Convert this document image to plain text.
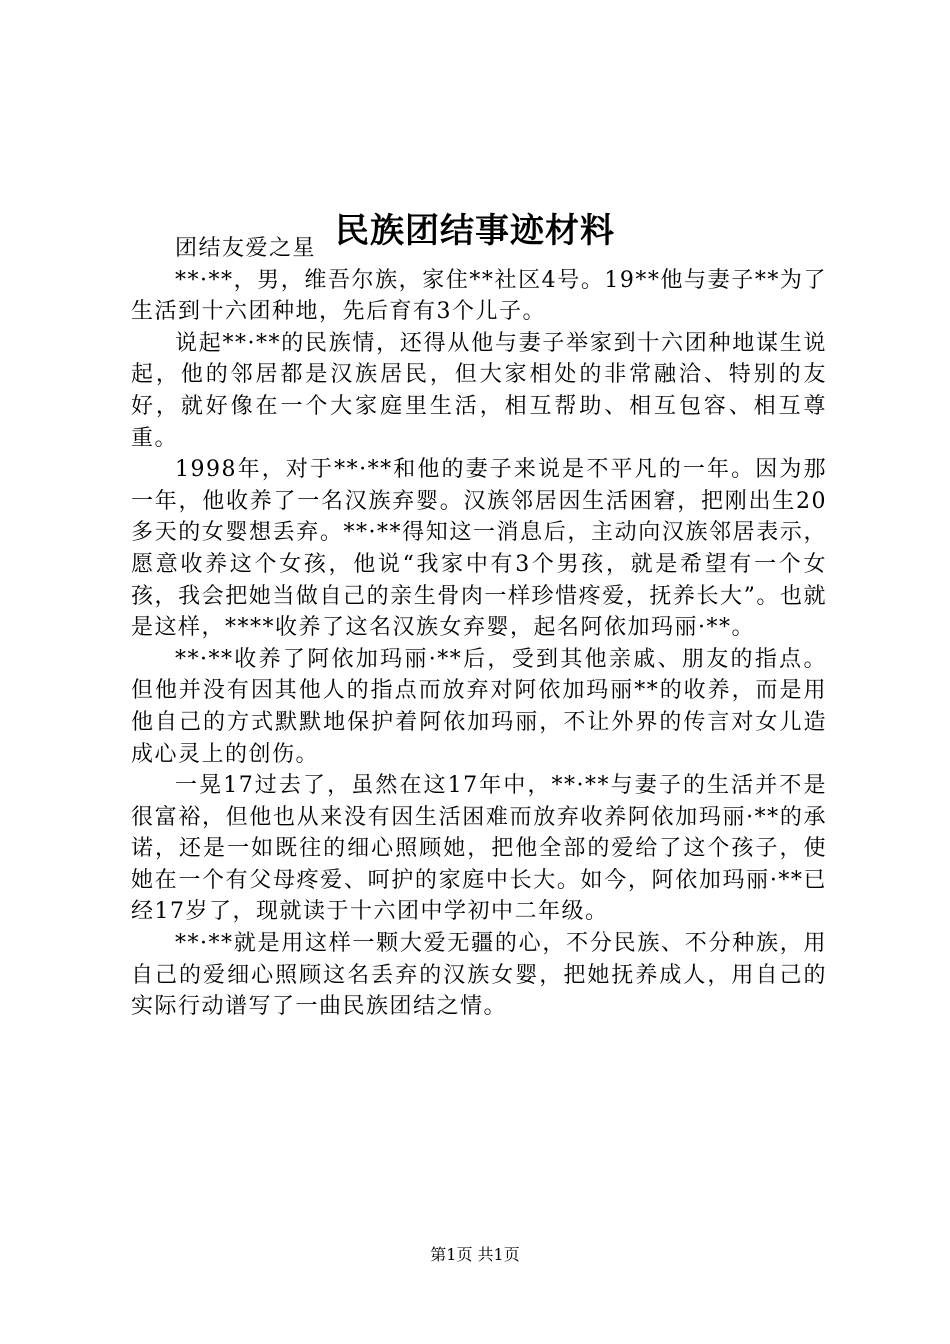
民族团结事迹材料

团结友爱之星

**·**，男，维吾尔族，家住**社区4号。19**他与妻子**为了生活到十六团种地，先后育有3个儿子。

说起**·**的民族情，还得从他与妻子举家到十六团种地谋生说起，他的邻居都是汉族居民，但大家相处的非常融洽、特别的友好，就好像在一个大家庭里生活，相互帮助、相互包容、相互尊重。

1998年，对于**·**和他的妻子来说是不平凡的一年。因为那一年，他收养了一名汉族弃婴。汉族邻居因生活困窘，把刚出生20多天的女婴想丢弃。**·**得知这一消息后，主动向汉族邻居表示，愿意收养这个女孩，他说“我家中有3个男孩，就是希望有一个女孩，我会把她当做自己的亲生骨肉一样珍惜疼爱，抚养长大”。也就是这样，****收养了这名汉族女弃婴，起名阿依加玛丽·**。

**·**收养了阿依加玛丽·**后，受到其他亲戚、朋友的指点。但他并没有因其他人的指点而放弃对阿依加玛丽**的收养，而是用他自己的方式默默地保护着阿依加玛丽，不让外界的传言对女儿造成心灵上的创伤。

一晃17过去了，虽然在这17年中，**·**与妻子的生活并不是很富裕，但他也从来没有因生活困难而放弃收养阿依加玛丽·**的承诺，还是一如既往的细心照顾她，把他全部的爱给了这个孩子，使她在一个有父母疼爱、呵护的家庭中长大。如今，阿依加玛丽·**已经17岁了，现就读于十六团中学初中二年级。

**·**就是用这样一颗大爱无疆的心，不分民族、不分种族，用自己的爱细心照顾这名丢弃的汉族女婴，把她抚养成人，用自己的实际行动谱写了一曲民族团结之情。

第1页 共1页
